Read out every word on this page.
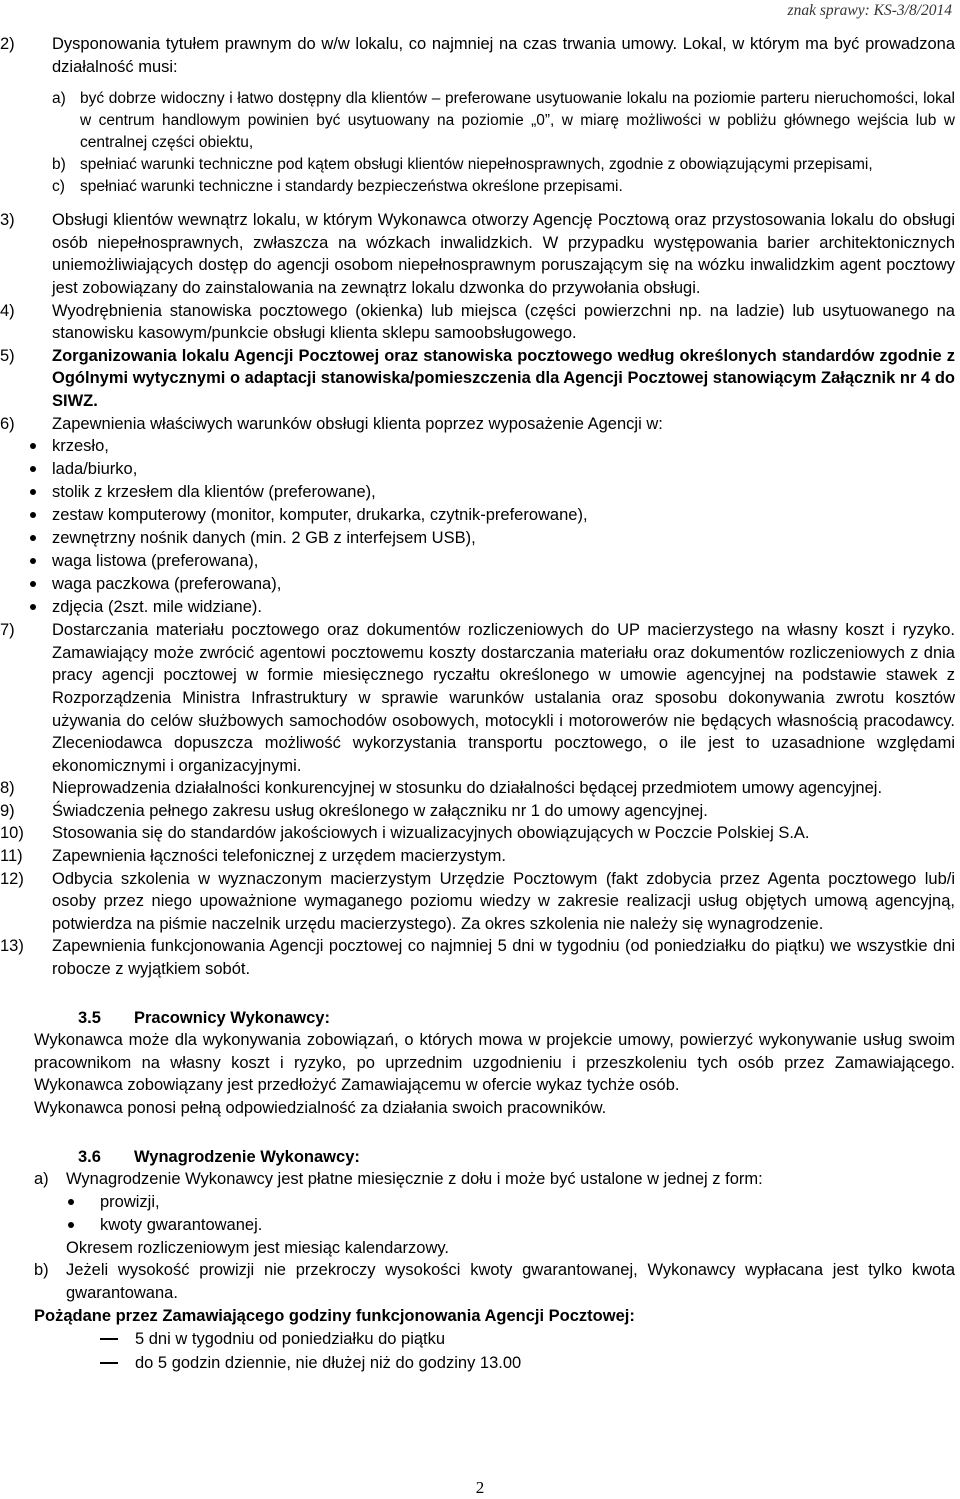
znak sprawy: KS-3/8/2014
2)	Dysponowania tytułem prawnym do w/w lokalu, co najmniej na czas trwania umowy. Lokal, w którym ma być prowadzona działalność musi:
a) być dobrze widoczny i łatwo dostępny dla klientów – preferowane usytuowanie lokalu na poziomie parteru nieruchomości, lokal w centrum handlowym powinien być usytuowany na poziomie „0”, w miarę możliwości w pobliżu głównego wejścia lub w centralnej części obiektu,
b) spełniać warunki techniczne pod kątem obsługi klientów niepełnosprawnych, zgodnie z obowiązującymi przepisami,
c) spełniać warunki techniczne i standardy bezpieczeństwa określone przepisami.
3)	Obsługi klientów wewnątrz lokalu, w którym Wykonawca otworzy Agencję Pocztową oraz przystosowania lokalu do obsługi osób niepełnosprawnych, zwłaszcza na wózkach inwalidzkich. W przypadku występowania barier architektonicznych uniemożliwiających dostęp do agencji osobom niepełnosprawnym poruszającym się na wózku inwalidzkim agent pocztowy jest zobowiązany do zainstalowania na zewnątrz lokalu dzwonka do przywołania obsługi.
4)	Wyodrębnienia stanowiska pocztowego (okienka) lub miejsca (części powierzchni np. na ladzie) lub usytuowanego na stanowisku kasowym/punkcie obsługi klienta sklepu samoobsługowego.
5)	Zorganizowania lokalu Agencji Pocztowej oraz stanowiska pocztowego według określonych standardów zgodnie z Ogólnymi wytycznymi o adaptacji stanowiska/pomieszczenia dla Agencji Pocztowej stanowiącym Załącznik nr 4 do SIWZ.
6)	Zapewnienia właściwych warunków obsługi klienta poprzez wyposażenie Agencji w:
krzesło,
lada/biurko,
stolik z krzesłem dla klientów (preferowane),
zestaw komputerowy (monitor, komputer, drukarka, czytnik-preferowane),
zewnętrzny nośnik danych (min. 2 GB z interfejsem USB),
waga listowa (preferowana),
waga paczkowa (preferowana),
zdjęcia (2szt. mile widziane).
7)	Dostarczania materiału pocztowego oraz dokumentów rozliczeniowych do UP macierzystego na własny koszt i ryzyko. Zamawiający może zwrócić agentowi pocztowemu koszty dostarczania materiału oraz dokumentów rozliczeniowych z dnia pracy agencji pocztowej w formie miesięcznego ryczałtu określonego w umowie agencyjnej na podstawie stawek z Rozporządzenia Ministra Infrastruktury w sprawie warunków ustalania oraz sposobu dokonywania zwrotu kosztów używania do celów służbowych samochodów osobowych, motocykli i motorowerów nie będących własnością pracodawcy. Zleceniodawca dopuszcza możliwość wykorzystania transportu pocztowego, o ile jest to uzasadnione względami ekonomicznymi i organizacyjnymi.
8)	Nieprowadzenia działalności konkurencyjnej w stosunku do działalności będącej przedmiotem umowy agencyjnej.
9)	Świadczenia pełnego zakresu usług określonego w załączniku nr 1 do umowy agencyjnej.
10)	Stosowania się do standardów jakościowych i wizualizacyjnych obowiązujących w Poczcie Polskiej S.A.
11)	Zapewnienia łączności telefonicznej z urzędem macierzystym.
12)	Odbycia szkolenia w wyznaczonym macierzystym Urzędzie Pocztowym (fakt zdobycia przez Agenta pocztowego lub/i osoby przez niego upoważnione wymaganego poziomu wiedzy w zakresie realizacji usług objętych umową agencyjną, potwierdza na piśmie naczelnik urzędu macierzystego). Za okres szkolenia nie należy się wynagrodzenie.
13)	Zapewnienia funkcjonowania Agencji pocztowej co najmniej 5 dni w tygodniu (od poniedziałku do piątku) we wszystkie dni robocze z wyjątkiem sobót.
3.5 Pracownicy Wykonawcy:
Wykonawca może dla wykonywania zobowiązań, o których mowa w projekcie umowy, powierzyć wykonywanie usług swoim pracownikom na własny koszt i ryzyko, po uprzednim uzgodnieniu i przeszkoleniu tych osób przez Zamawiającego. Wykonawca zobowiązany jest przedłożyć Zamawiającemu w ofercie wykaz tychże osób.
Wykonawca ponosi pełną odpowiedzialność za działania swoich pracowników.
3.6 Wynagrodzenie Wykonawcy:
a)	Wynagrodzenie Wykonawcy jest płatne miesięcznie z dołu i może być ustalone w jednej z form:
prowizji,
kwoty gwarantowanej.
Okresem rozliczeniowym jest miesiąc kalendarzowy.
b)	Jeżeli wysokość prowizji nie przekroczy wysokości kwoty gwarantowanej, Wykonawcy wypłacana jest tylko kwota gwarantowana.
Pożądane przez Zamawiającego godziny funkcjonowania Agencji Pocztowej:
5 dni w tygodniu od poniedziałku do piątku
do 5 godzin dziennie, nie dłużej niż do godziny 13.00
2
